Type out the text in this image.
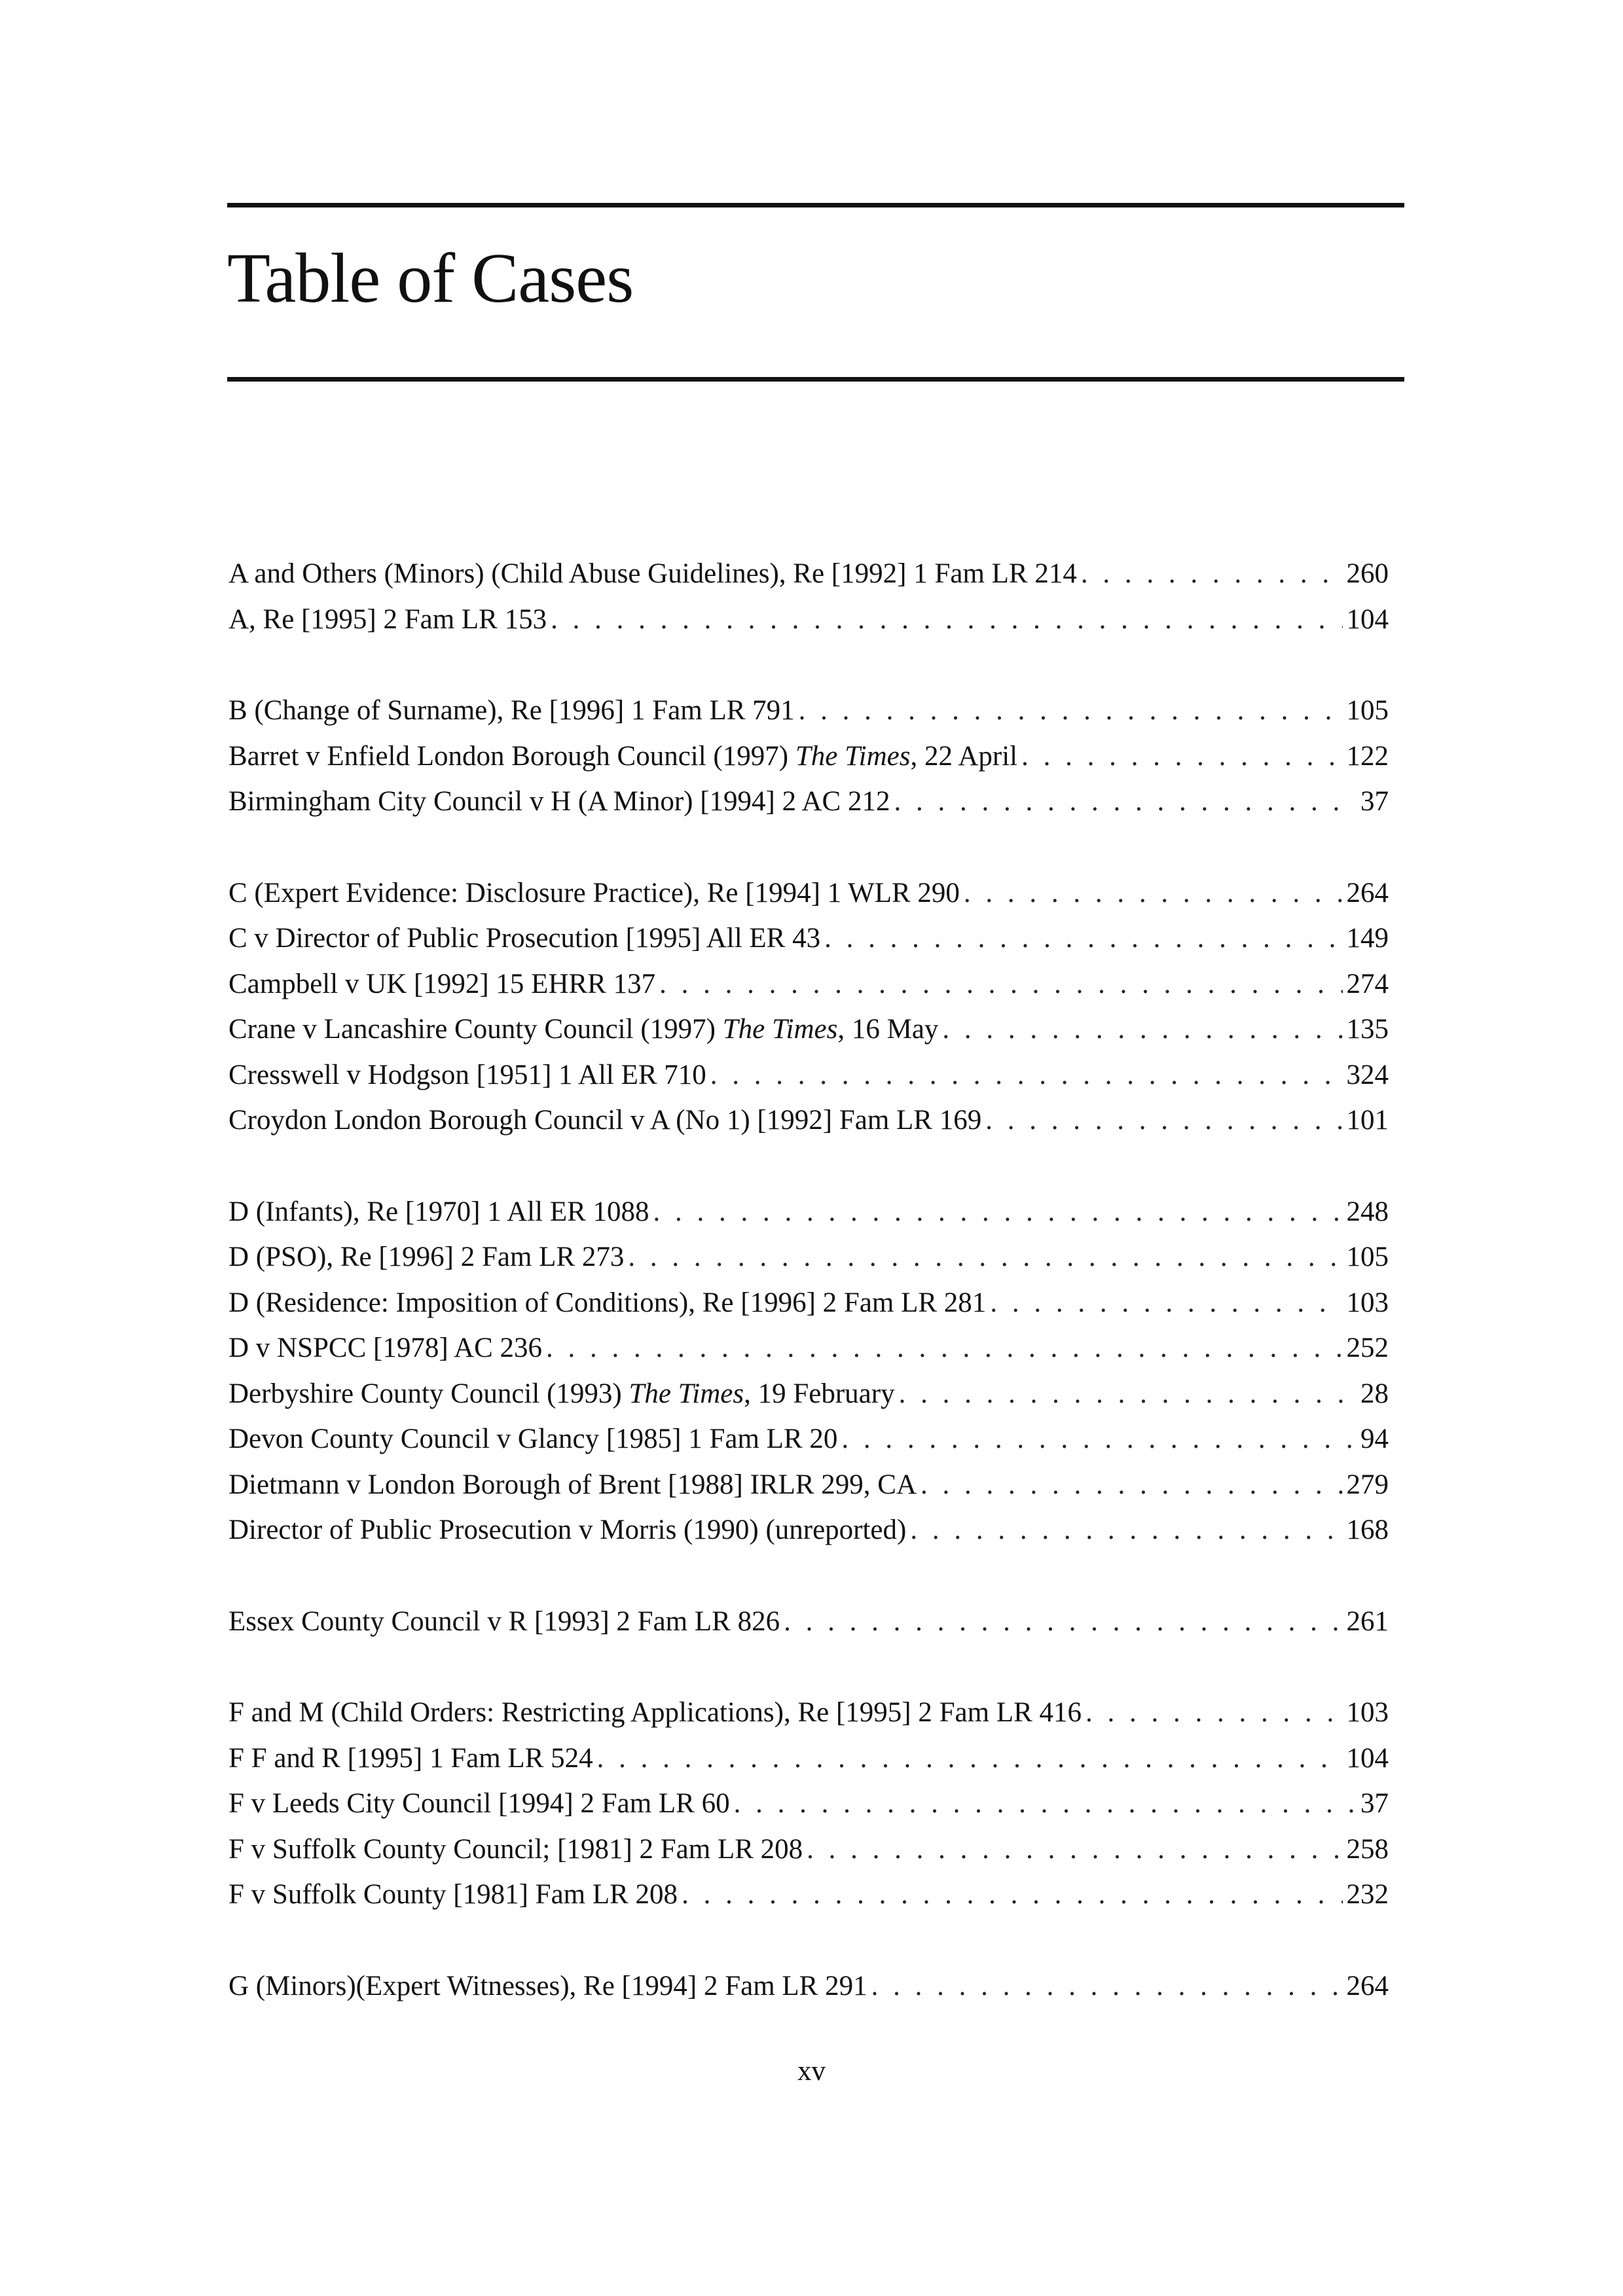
Table of Cases
A and Others (Minors) (Child Abuse Guidelines), Re [1992] 1 Fam LR 214 . . .	260
A, Re [1995] 2 Fam LR 153 . . .	104
B (Change of Surname), Re [1996] 1 Fam LR 791 . . .	105
Barret v Enfield London Borough Council (1997) The Times, 22 April . . .	122
Birmingham City Council v H (A Minor) [1994] 2 AC 212 . . .	37
C (Expert Evidence: Disclosure Practice), Re [1994] 1 WLR 290 . . .	264
C v Director of Public Prosecution [1995] All ER 43 . . .	149
Campbell v UK [1992] 15 EHRR 137 . . .	274
Crane v Lancashire County Council (1997) The Times, 16 May . . .	135
Cresswell v Hodgson [1951] 1 All ER 710 . . .	324
Croydon London Borough Council v A (No 1) [1992] Fam LR 169 . . .	101
D (Infants), Re [1970] 1 All ER 1088 . . .	248
D (PSO), Re [1996] 2 Fam LR 273 . . .	105
D (Residence: Imposition of Conditions), Re [1996] 2 Fam LR 281 . . .	103
D v NSPCC [1978] AC 236 . . .	252
Derbyshire County Council (1993) The Times, 19 February . . .	28
Devon County Council v Glancy [1985] 1 Fam LR 20 . . .	94
Dietmann v London Borough of Brent [1988] IRLR 299, CA . . .	279
Director of Public Prosecution v Morris (1990) (unreported) . . .	168
Essex County Council v R [1993] 2 Fam LR 826 . . .	261
F and M (Child Orders: Restricting Applications), Re [1995] 2 Fam LR 416 . . .	103
F F and R [1995] 1 Fam LR 524 . . .	104
F v Leeds City Council [1994] 2 Fam LR 60 . . .	37
F v Suffolk County Council; [1981] 2 Fam LR 208 . . .	258
F v Suffolk County [1981] Fam LR 208 . . .	232
G (Minors)(Expert Witnesses), Re [1994] 2 Fam LR 291 . . .	264
xv
